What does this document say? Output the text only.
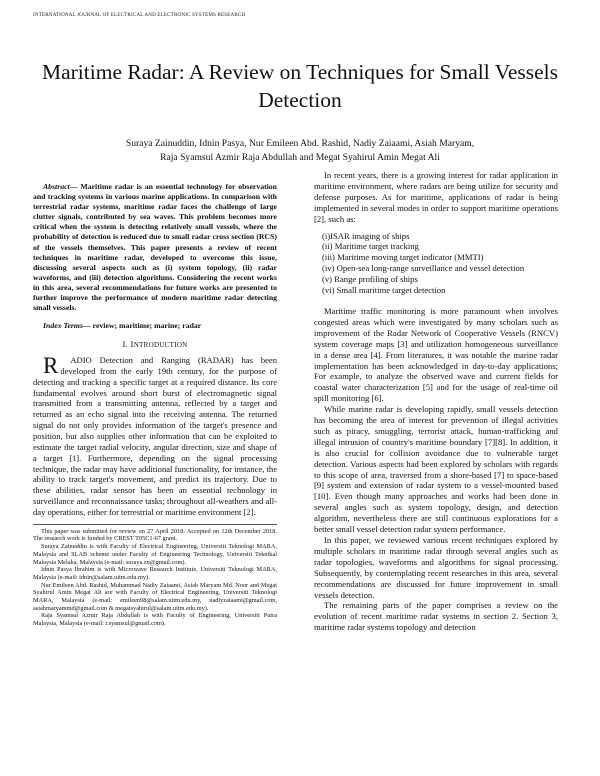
INTERNATIONAL JOURNAL OF ELECTRICAL AND ELECTRONIC SYSTEMS RESEARCH
Maritime Radar: A Review on Techniques for Small Vessels Detection
Suraya Zainuddin, Idnin Pasya, Nur Emileen Abd. Rashid, Nadiy Zaiaami, Asiah Maryam,
Raja Syamsul Azmir Raja Abdullah and Megat Syahirul Amin Megat Ali

Abstract— Maritime radar is an essential technology for observation and tracking systems in various marine applications. In comparison with terrestrial radar systems, maritime radar faces the challenge of large clutter signals, contributed by sea waves. This problem becomes more critical when the system is detecting relatively small vessels, where the probability of detection is reduced due to small radar cross section (RCS) of the vessels themselves. This paper presents a review of recent techniques in maritime radar, developed to overcome this issue, discussing several aspects such as (i) system topology, (ii) radar waveforms, and (iii) detection algorithms. Considering the recent works in this area, several recommendations for future works are presented to further improve the performance of modern maritime radar detecting small vessels.

Index Terms— review; maritime; marine; radar

I. INTRODUCTION

R ADIO Detection and Ranging (RADAR) has been developed from the early 19th century, for the purpose of detecting and tracking a specific target at a required distance. Its core fundamental evolves around short burst of electromagnetic signal transmitted from a transmitting antenna, reflected by a target and returned as an echo signal into the receiving antenna. The returned signal do not only provides information of the target's presence and position, but also supplies other information that can be exploited to estimate the target radial velocity, angular direction, size and shape of a target [1]. Furthermore, depending on the signal processing technique, the radar may have additional functionality, for instance, the ability to track target's movement, and predict its trajectory. Due to these abilities, radar sensor has been an essential technology in surveillance and reconnaissance tasks; throughout all-weathers and all-day operations, either for terrestrial or maritime environment [2].

This paper was submitted for review on 27 April 2018. Accepted on 12th December 2018. The research work is funded by CREST T05C1-67 grant.

Suraya Zainuddin is with Faculty of Electrical Engineering, Universiti Teknologi MARA, Malaysia and SLAB scheme under Faculty of Engineering Technology, Universiti Teknikal Malaysia Melaka, Malaysia (e-mail: suraya.zn@gmail.com).

Idnin Pasya Ibrahim is with Microwave Research Institute, Universiti Teknologi MARA, Malaysia (e-mail: idnin@salam.uitm.edu.my).

Nur Emileen Abd. Rashid, Muhammad Nadiy Zaiaami, Asiah Maryam Md. Noor and Megat Syahirul Amin Megat Ali are with Faculty of Electrical Engineering, Universiti Teknologi MARA, Malaysia (e-mail: emileen98@salam.uitm.edu.my, nadiyzaiaami@gmail.com, asiahmaryammd@gmail.com & megatsyahirul@salam.uitm.edu.my).

Raja Syamsul Azmir Raja Abdullah is with Faculty of Engineering, Universiti Putra Malaysia, Malaysia (e-mail: r.syamsul@gmail.com).

In recent years, there is a growing interest for radar application in maritime environment, where radars are being utilize for security and defense purposes. As for maritime, applications of radar is being implemented in several modes in order to support maritime operations [2], such as:

(i)ISAR imaging of ships
(ii) Maritime target tracking
(iii) Maritime moving target indicator (MMTI)
(iv) Open-sea long-range surveillance and vessel detection
(v) Range profiling of ships
(vi) Small maritime target detection

Maritime traffic monitoring is more paramount when involves congested areas which were investigated by many scholars such as improvement of the Radar Network of Cooperative Vessels (RNCV) system coverage maps [3] and utilization homogeneous surveillance in a dense area [4]. From literatures, it was notable the marine radar implementation has been acknowledged in day-to-day applications; For example, to analyze the observed wave and current fields for coastal water characterization [5] and for the usage of real-time oil spill monitoring [6].

While marine radar is developing rapidly, small vessels detection has becoming the area of interest for prevention of illegal activities such as piracy, smuggling, terrorist attack, human-trafficking and illegal intrusion of country's maritime boundary [7][8]. In addition, it is also crucial for collision avoidance due to vulnerable target detection. Various aspects had been explored by scholars with regards to this scope of area, traversed from a shore-based [7] to space-based [9] system and extension of radar system to a vessel-mounted based [10]. Even though many approaches and works had been done in several angles such as system topology, design, and detection algorithm, nevertheless there are still continuous explorations for a better small vessel detection radar system performance.

In this paper, we reviewed various recent techniques explored by multiple scholars in maritime radar through several angles such as radar topologies, waveforms and algorithms for signal processing. Subsequently, by contemplating recent researches in this area, several recommendations are discussed for future improvement in small vessels detection.

The remaining parts of the paper comprises a review on the evolution of recent maritime radar systems in section 2. Section 3, maritime radar systems topology and detection
